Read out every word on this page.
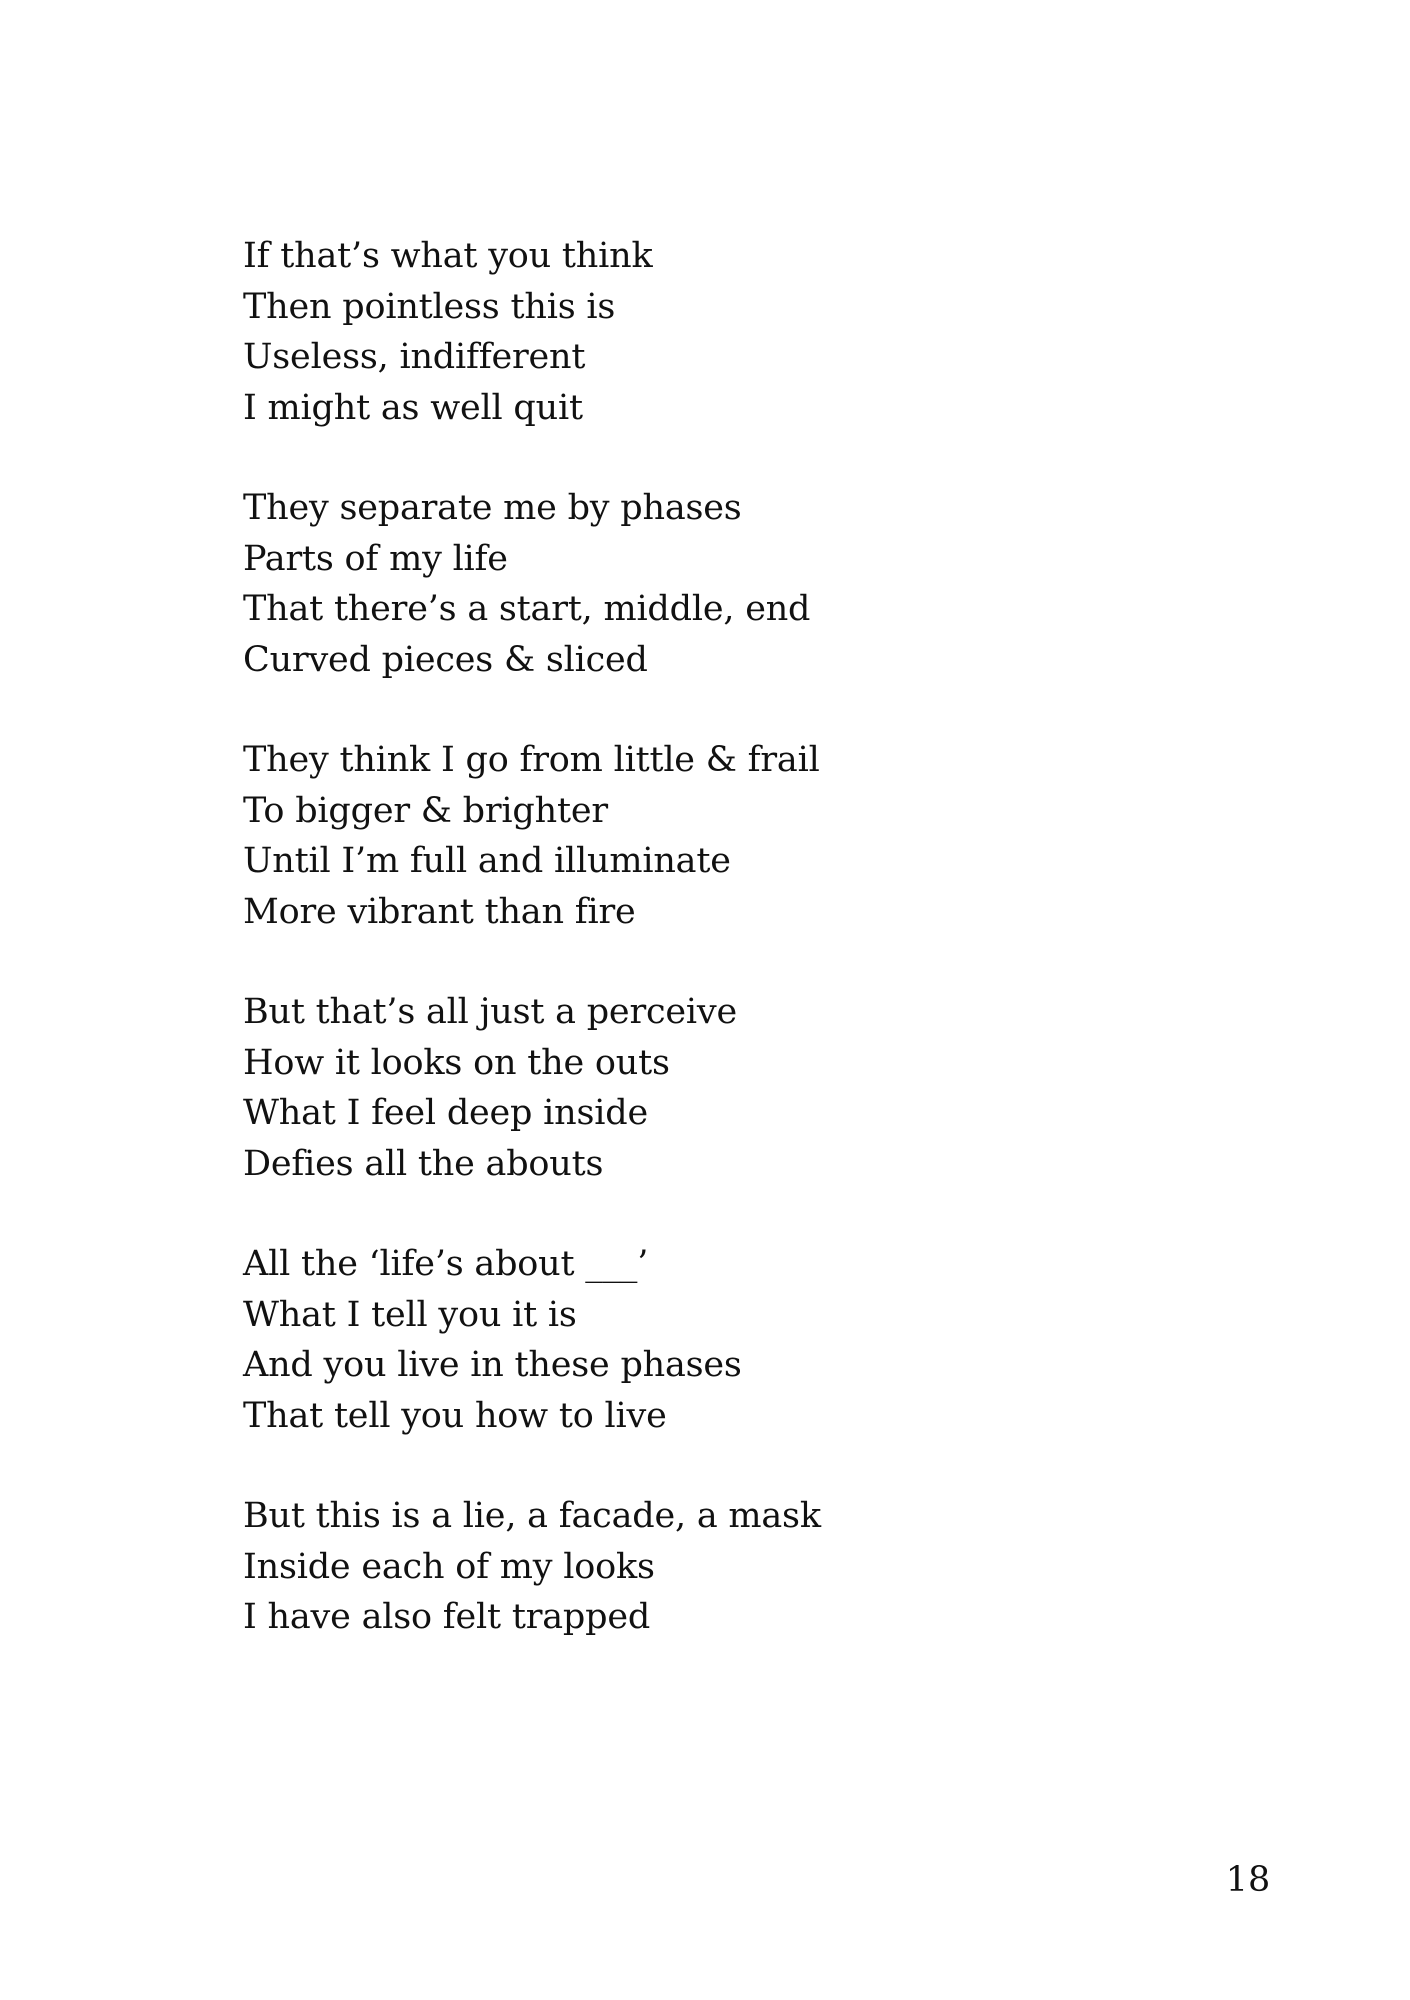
If that’s what you think
Then pointless this is
Useless, indifferent
I might as well quit
They separate me by phases
Parts of my life
That there’s a start, middle, end
Curved pieces & sliced
They think I go from little & frail
To bigger & brighter
Until I’m full and illuminate
More vibrant than fire
But that’s all just a perceive
How it looks on the outs
What I feel deep inside
Defies all the abouts
All the ‘life’s about ___’
What I tell you it is
And you live in these phases
That tell you how to live
But this is a lie, a facade, a mask
Inside each of my looks
I have also felt trapped
18
